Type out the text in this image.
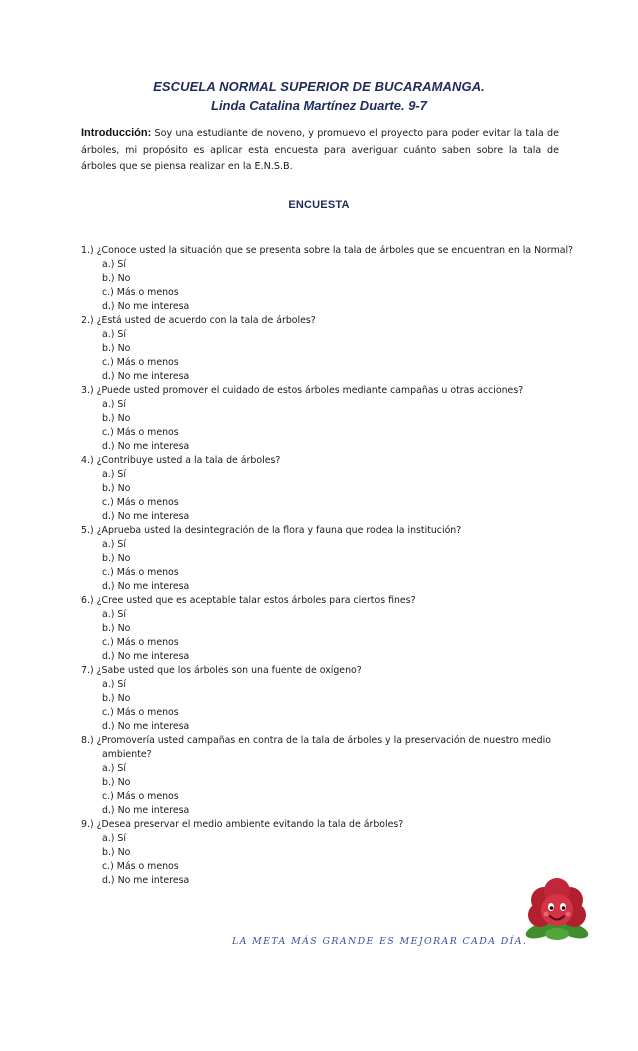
ESCUELA NORMAL SUPERIOR DE BUCARAMANGA.
Linda Catalina Martínez Duarte. 9-7
Introducción: Soy una estudiante de noveno, y promuevo el proyecto para poder evitar la tala de árboles, mi propósito es aplicar esta encuesta para averiguar cuánto saben sobre la tala de árboles que se piensa realizar en la E.N.S.B.
ENCUESTA
1.) ¿Conoce usted la situación que se presenta sobre la tala de árboles que se encuentran en la Normal?
a.) Sí
b.) No
c.) Más o menos
d.) No me interesa
2.) ¿Está usted de acuerdo con la tala de árboles?
a.) Sí
b.) No
c.) Más o menos
d.) No me interesa
3.) ¿Puede usted promover el cuidado de estos árboles mediante campañas u otras acciones?
a.) Sí
b.) No
c.) Más o menos
d.) No me interesa
4.) ¿Contribuye usted a la tala de árboles?
a.) Sí
b.) No
c.) Más o menos
d.) No me interesa
5.) ¿Aprueba usted la desintegración de la flora y fauna que rodea la institución?
a.) Sí
b.) No
c.) Más o menos
d.) No me interesa
6.) ¿Cree usted que es aceptable talar estos árboles para ciertos fines?
a.) Sí
b.) No
c.) Más o menos
d.) No me interesa
7.) ¿Sabe usted que los árboles son una fuente de oxígeno?
a.) Sí
b.) No
c.) Más o menos
d.) No me interesa
8.) ¿Promovería usted campañas en contra de la tala de árboles y la preservación de nuestro medio
ambiente?
a.) Sí
b.) No
c.) Más o menos
d.) No me interesa
9.) ¿Desea preservar el medio ambiente evitando la tala de árboles?
a.) Sí
b.) No
c.) Más o menos
d.) No me interesa
LA META MÁS GRANDE ES MEJORAR CADA DÍA.
